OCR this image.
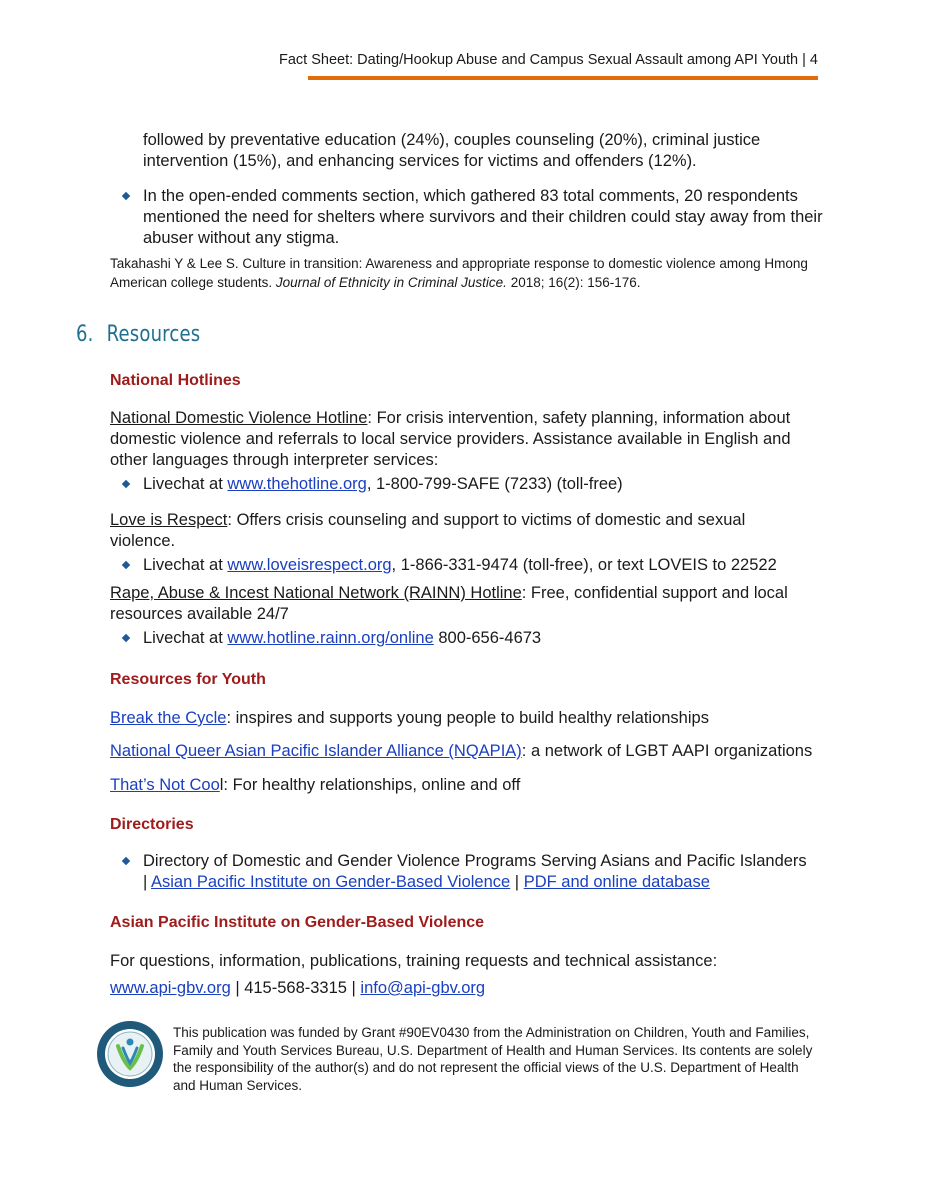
Fact Sheet: Dating/Hookup Abuse and Campus Sexual Assault among API Youth | 4
followed by preventative education (24%), couples counseling (20%), criminal justice intervention (15%), and enhancing services for victims and offenders (12%).
In the open-ended comments section, which gathered 83 total comments, 20 respondents mentioned the need for shelters where survivors and their children could stay away from their abuser without any stigma.
Takahashi Y & Lee S. Culture in transition: Awareness and appropriate response to domestic violence among Hmong American college students. Journal of Ethnicity in Criminal Justice. 2018; 16(2): 156-176.
6. Resources
National Hotlines
National Domestic Violence Hotline: For crisis intervention, safety planning, information about domestic violence and referrals to local service providers. Assistance available in English and other languages through interpreter services:
Livechat at www.thehotline.org, 1-800-799-SAFE (7233) (toll-free)
Love is Respect: Offers crisis counseling and support to victims of domestic and sexual violence.
Livechat at www.loveisrespect.org, 1-866-331-9474 (toll-free), or text LOVEIS to 22522
Rape, Abuse & Incest National Network (RAINN) Hotline: Free, confidential support and local resources available 24/7
Livechat at www.hotline.rainn.org/online 800-656-4673
Resources for Youth
Break the Cycle: inspires and supports young people to build healthy relationships
National Queer Asian Pacific Islander Alliance (NQAPIA): a network of LGBT AAPI organizations
That’s Not Cool: For healthy relationships, online and off
Directories
Directory of Domestic and Gender Violence Programs Serving Asians and Pacific Islanders
| Asian Pacific Institute on Gender-Based Violence | PDF and online database
Asian Pacific Institute on Gender-Based Violence
For questions, information, publications, training requests and technical assistance:
www.api-gbv.org | 415-568-3315 | info@api-gbv.org
This publication was funded by Grant #90EV0430 from the Administration on Children, Youth and Families, Family and Youth Services Bureau, U.S. Department of Health and Human Services. Its contents are solely the responsibility of the author(s) and do not represent the official views of the U.S. Department of Health and Human Services.
